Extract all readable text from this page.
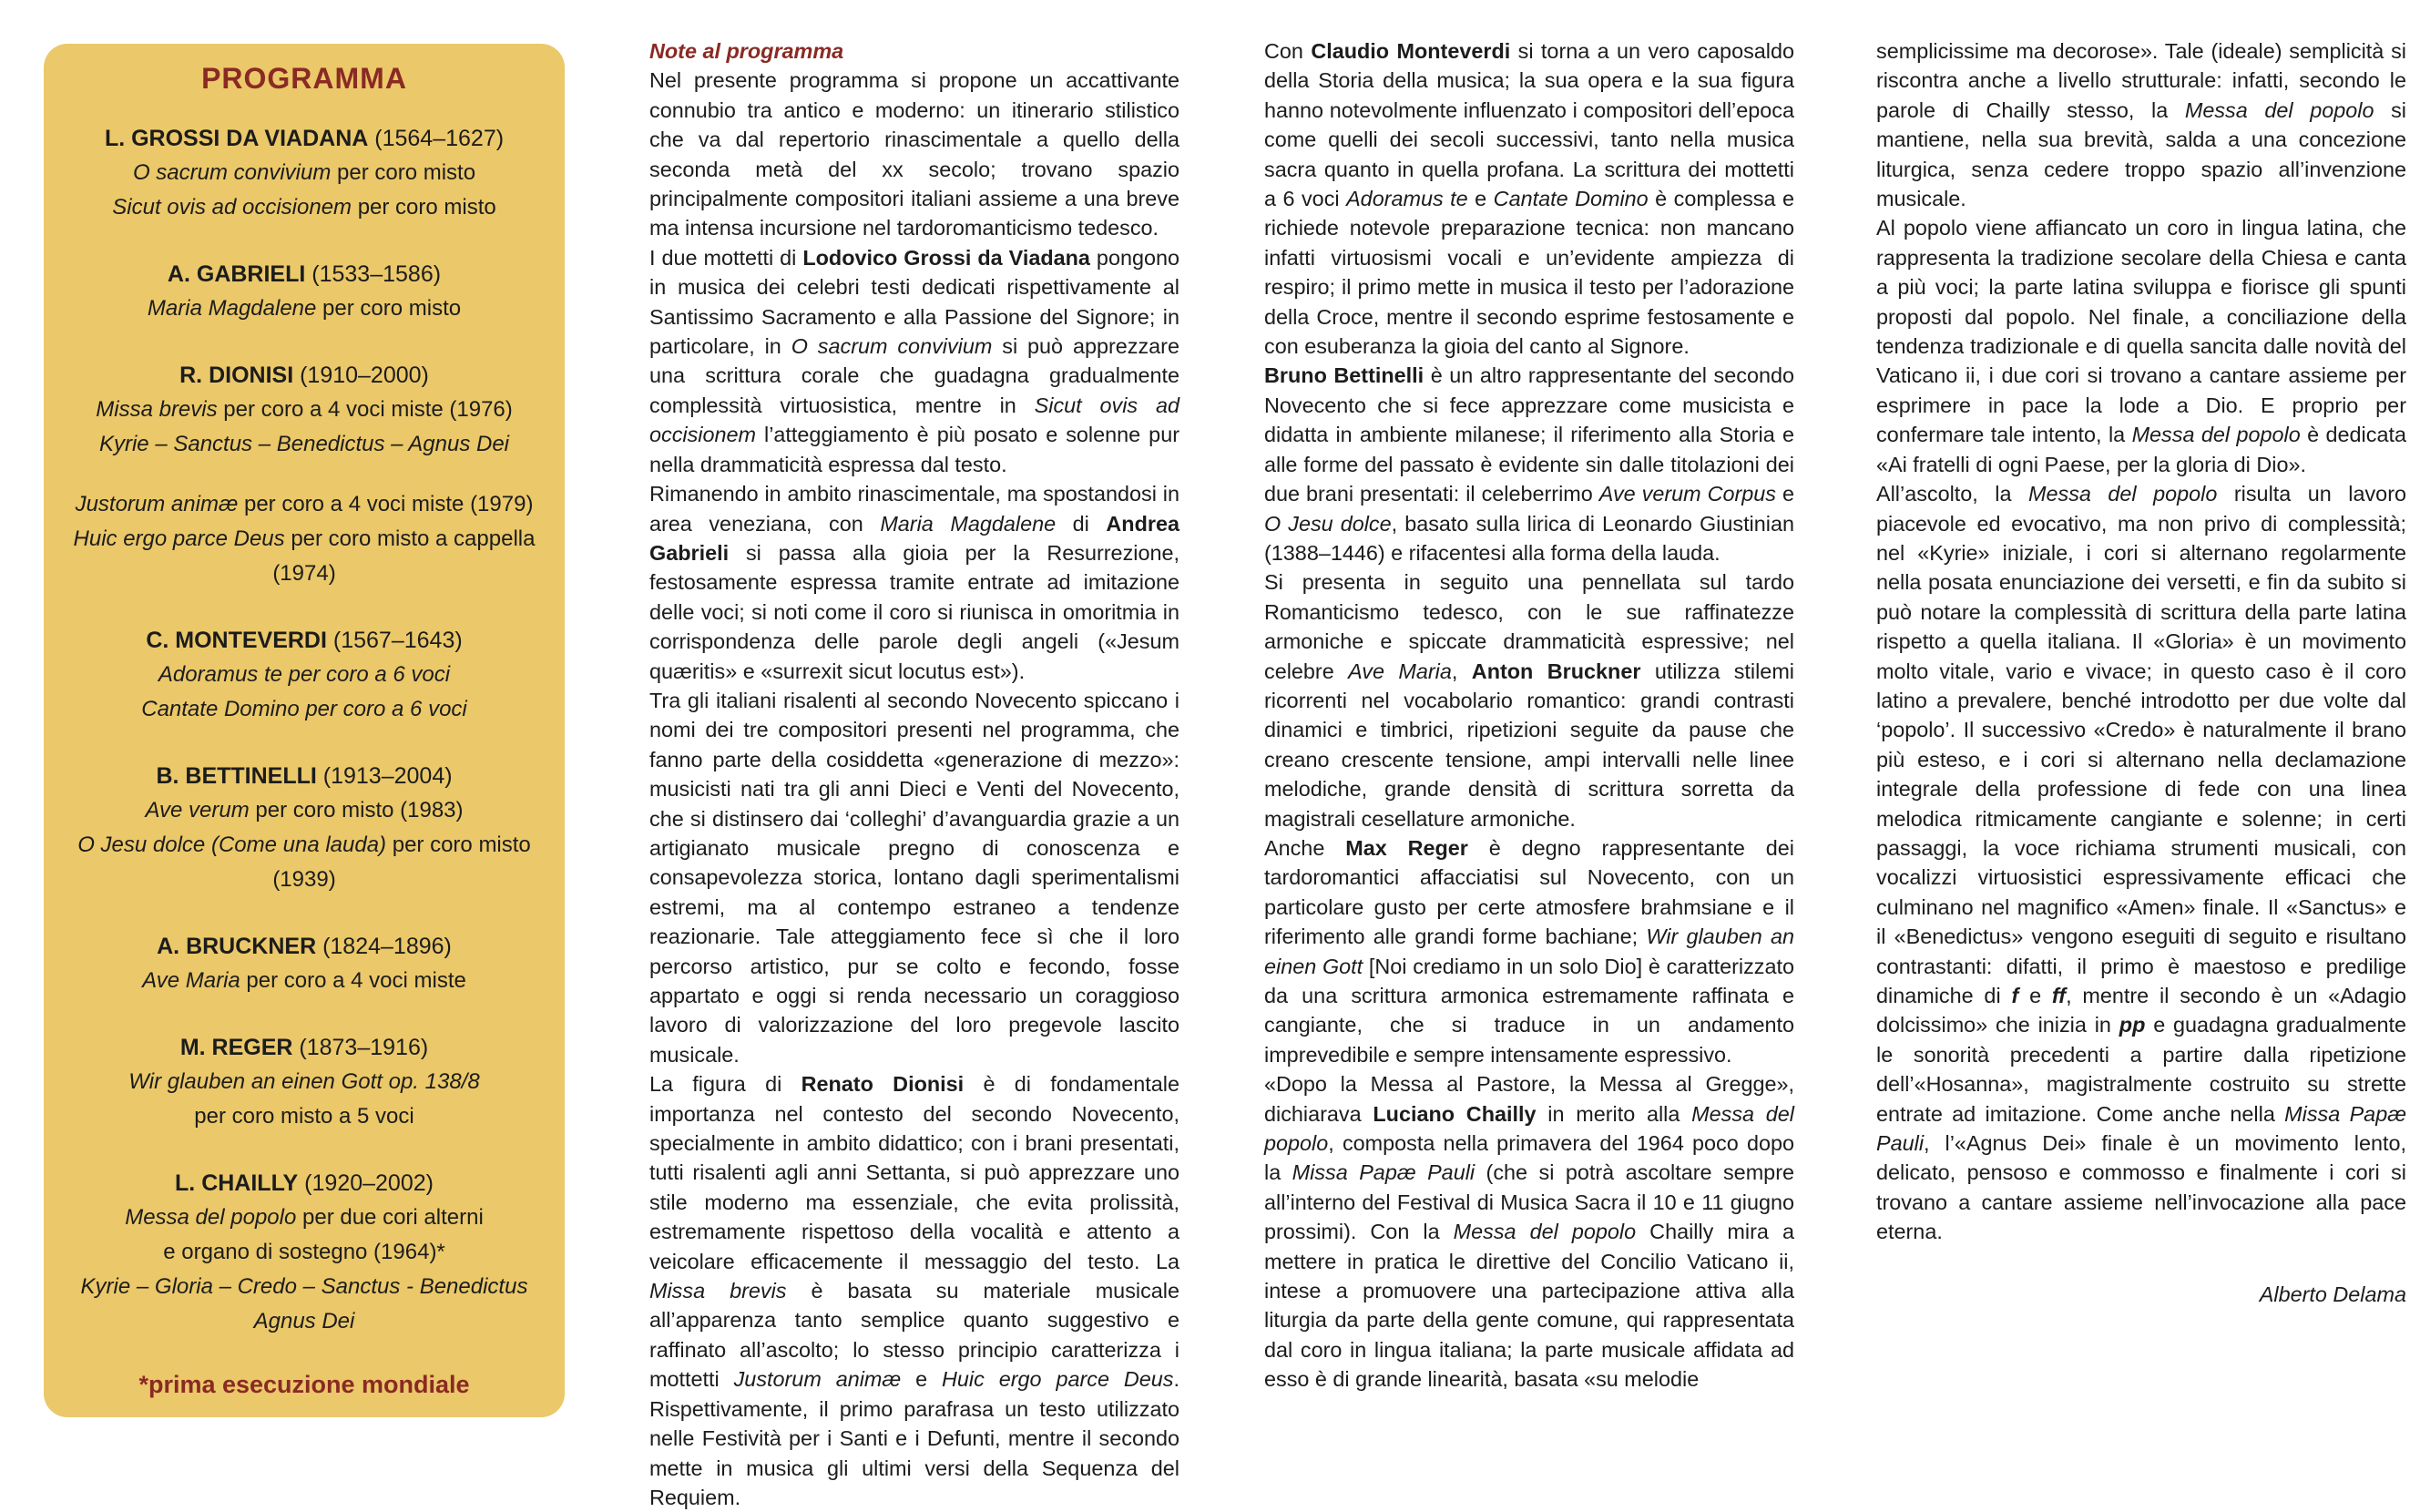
PROGRAMMA
L. GROSSI DA VIADANA (1564–1627)
O sacrum convivium per coro misto
Sicut ovis ad occisionem per coro misto
A. GABRIELI (1533–1586)
Maria Magdalene per coro misto
R. DIONISI (1910–2000)
Missa brevis per coro a 4 voci miste (1976)
Kyrie – Sanctus – Benedictus – Agnus Dei
Justorum animæ per coro a 4 voci miste (1979)
Huic ergo parce Deus per coro misto a cappella (1974)
C. MONTEVERDI (1567–1643)
Adoramus te per coro a 6 voci
Cantate Domino per coro a 6 voci
B. BETTINELLI (1913–2004)
Ave verum per coro misto (1983)
O Jesu dolce (Come una lauda) per coro misto (1939)
A. BRUCKNER (1824–1896)
Ave Maria per coro a 4 voci miste
M. REGER (1873–1916)
Wir glauben an einen Gott op. 138/8
per coro misto a 5 voci
L. CHAILLY (1920–2002)
Messa del popolo per due cori alterni
e organo di sostegno (1964)*
Kyrie – Gloria – Credo – Sanctus - Benedictus
Agnus Dei
*prima esecuzione mondiale

Note al programma

Nel presente programma si propone un accattivante connubio tra antico e moderno: un itinerario stilistico che va dal repertorio rinascimentale a quello della seconda metà del xx secolo; trovano spazio principalmente compositori italiani assieme a una breve ma intensa incursione nel tardoromanticismo tedesco.

I due mottetti di Lodovico Grossi da Viadana pongono in musica dei celebri testi dedicati rispettivamente al Santissimo Sacramento e alla Passione del Signore; in particolare, in O sacrum convivium si può apprezzare una scrittura corale che guadagna gradualmente complessità virtuosistica, mentre in Sicut ovis ad occisionem l’atteggiamento è più posato e solenne pur nella drammaticità espressa dal testo.

Rimanendo in ambito rinascimentale, ma spostandosi in area veneziana, con Maria Magdalene di Andrea Gabrieli si passa alla gioia per la Resurrezione, festosamente espressa tramite entrate ad imitazione delle voci; si noti come il coro si riunisca in omoritmia in corrispondenza delle parole degli angeli («Jesum quæritis» e «surrexit sicut locutus est»).

Tra gli italiani risalenti al secondo Novecento spiccano i nomi dei tre compositori presenti nel programma, che fanno parte della cosiddetta «generazione di mezzo»: musicisti nati tra gli anni Dieci e Venti del Novecento, che si distinsero dai ‘colleghi’ d’avanguardia grazie a un artigianato musicale pregno di conoscenza e consapevolezza storica, lontano dagli sperimentalismi estremi, ma al contempo estraneo a tendenze reazionarie. Tale atteggiamento fece sì che il loro percorso artistico, pur se colto e fecondo, fosse appartato e oggi si renda necessario un coraggioso lavoro di valorizzazione del loro pregevole lascito musicale.

La figura di Renato Dionisi è di fondamentale importanza nel contesto del secondo Novecento, specialmente in ambito didattico; con i brani presentati, tutti risalenti agli anni Settanta, si può apprezzare uno stile moderno ma essenziale, che evita prolissità, estremamente rispettoso della vocalità e attento a veicolare efficacemente il messaggio del testo. La Missa brevis è basata su materiale musicale all’apparenza tanto semplice quanto suggestivo e raffinato all’ascolto; lo stesso principio caratterizza i mottetti Justorum animæ e Huic ergo parce Deus. Rispettivamente, il primo parafrasa un testo utilizzato nelle Festività per i Santi e i Defunti, mentre il secondo mette in musica gli ultimi versi della Sequenza del Requiem.

Con Claudio Monteverdi si torna a un vero caposaldo della Storia della musica; la sua opera e la sua figura hanno notevolmente influenzato i compositori dell’epoca come quelli dei secoli successivi, tanto nella musica sacra quanto in quella profana. La scrittura dei mottetti a 6 voci Adoramus te e Cantate Domino è complessa e richiede notevole preparazione tecnica: non mancano infatti virtuosismi vocali e un’evidente ampiezza di respiro; il primo mette in musica il testo per l’adorazione della Croce, mentre il secondo esprime festosamente e con esuberanza la gioia del canto al Signore.

Bruno Bettinelli è un altro rappresentante del secondo Novecento che si fece apprezzare come musicista e didatta in ambiente milanese; il riferimento alla Storia e alle forme del passato è evidente sin dalle titolazioni dei due brani presentati: il celeberrimo Ave verum Corpus e O Jesu dolce, basato sulla lirica di Leonardo Giustinian (1388–1446) e rifacentesi alla forma della lauda.

Si presenta in seguito una pennellata sul tardo Romanticismo tedesco, con le sue raffinatezze armoniche e spiccate drammaticità espressive; nel celebre Ave Maria, Anton Bruckner utilizza stilemi ricorrenti nel vocabolario romantico: grandi contrasti dinamici e timbrici, ripetizioni seguite da pause che creano crescente tensione, ampi intervalli nelle linee melodiche, grande densità di scrittura sorretta da magistrali cesellature armoniche.

Anche Max Reger è degno rappresentante dei tardoromantici affacciatisi sul Novecento, con un particolare gusto per certe atmosfere brahmsiane e il riferimento alle grandi forme bachiane; Wir glauben an einen Gott [Noi crediamo in un solo Dio] è caratterizzato da una scrittura armonica estremamente raffinata e cangiante, che si traduce in un andamento imprevedibile e sempre intensamente espressivo.

«Dopo la Messa al Pastore, la Messa al Gregge», dichiarava Luciano Chailly in merito alla Messa del popolo, composta nella primavera del 1964 poco dopo la Missa Papæ Pauli (che si potrà ascoltare sempre all’interno del Festival di Musica Sacra il 10 e 11 giugno prossimi). Con la Messa del popolo Chailly mira a mettere in pratica le direttive del Concilio Vaticano ii, intese a promuovere una partecipazione attiva alla liturgia da parte della gente comune, qui rappresentata dal coro in lingua italiana; la parte musicale affidata ad esso è di grande linearità, basata «su melodie

semplicissime ma decorose». Tale (ideale) semplicità si riscontra anche a livello strutturale: infatti, secondo le parole di Chailly stesso, la Messa del popolo si mantiene, nella sua brevità, salda a una concezione liturgica, senza cedere troppo spazio all’invenzione musicale.

Al popolo viene affiancato un coro in lingua latina, che rappresenta la tradizione secolare della Chiesa e canta a più voci; la parte latina sviluppa e fiorisce gli spunti proposti dal popolo. Nel finale, a conciliazione della tendenza tradizionale e di quella sancita dalle novità del Vaticano ii, i due cori si trovano a cantare assieme per esprimere in pace la lode a Dio. E proprio per confermare tale intento, la Messa del popolo è dedicata «Ai fratelli di ogni Paese, per la gloria di Dio».

All’ascolto, la Messa del popolo risulta un lavoro piacevole ed evocativo, ma non privo di complessità; nel «Kyrie» iniziale, i cori si alternano regolarmente nella posata enunciazione dei versetti, e fin da subito si può notare la complessità di scrittura della parte latina rispetto a quella italiana. Il «Gloria» è un movimento molto vitale, vario e vivace; in questo caso è il coro latino a prevalere, benché introdotto per due volte dal ‘popolo’. Il successivo «Credo» è naturalmente il brano più esteso, e i cori si alternano nella declamazione integrale della professione di fede con una linea melodica ritmicamente cangiante e solenne; in certi passaggi, la voce richiama strumenti musicali, con vocalizzi virtuosistici espressivamente efficaci che culminano nel magnifico «Amen» finale. Il «Sanctus» e il «Benedictus» vengono eseguiti di seguito e risultano contrastanti: difatti, il primo è maestoso e predilige dinamiche di f e ff, mentre il secondo è un «Adagio dolcissimo» che inizia in pp e guadagna gradualmente le sonorità precedenti a partire dalla ripetizione dell’«Hosanna», magistralmente costruito su strette entrate ad imitazione. Come anche nella Missa Papæ Pauli, l’«Agnus Dei» finale è un movimento lento, delicato, pensoso e commosso e finalmente i cori si trovano a cantare assieme nell’invocazione alla pace eterna.

Alberto Delama
